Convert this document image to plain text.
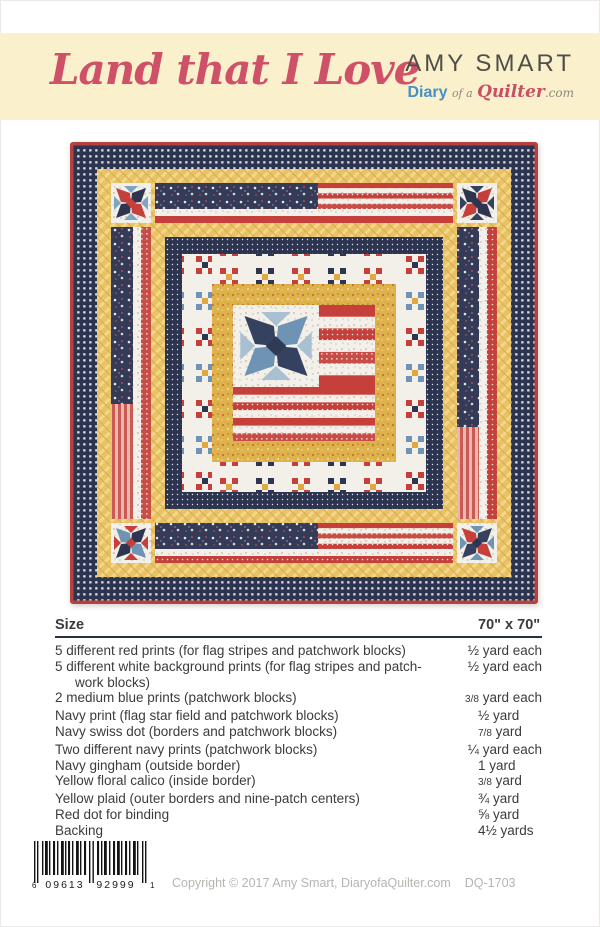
Land that I Love
AMY SMART
Diary of a Quilter.com
Size	70" x 70"
5 different red prints (for flag stripes and patchwork blocks)	½ yard each
5 different white background prints (for flag stripes and patch-
work blocks)
½ yard each
2 medium blue prints (patchwork blocks)	3/8 yard each
Navy print (flag star field and patchwork blocks)	½ yard
Navy swiss dot (borders and patchwork blocks)	7/8 yard
Two different navy prints (patchwork blocks)	¼ yard each
Navy gingham (outside border)	1 yard
Yellow floral calico (inside border)	3/8 yard
Yellow plaid (outer borders and nine-patch centers)	¾ yard
Red dot for binding	⅝ yard
Backing	4½ yards
6 09613 92999 1 Copyright © 2017 Amy Smart, DiaryofaQuilter.com DQ-1703
